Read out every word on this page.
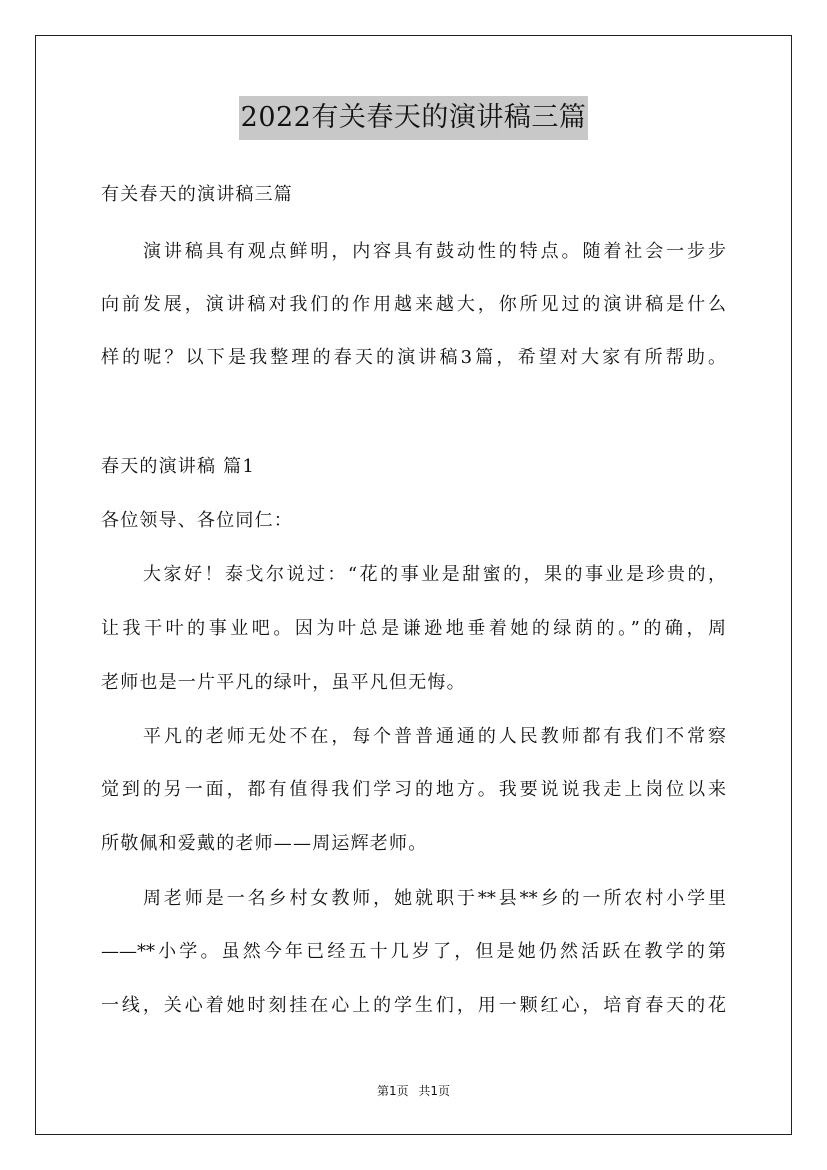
2022有关春天的演讲稿三篇
有关春天的演讲稿三篇
演讲稿具有观点鲜明，内容具有鼓动性的特点。随着社会一步步
向前发展，演讲稿对我们的作用越来越大，你所见过的演讲稿是什么
样的呢？以下是我整理的春天的演讲稿3篇，希望对大家有所帮助。
春天的演讲稿 篇1
各位领导、各位同仁：
大家好！泰戈尔说过：“花的事业是甜蜜的，果的事业是珍贵的，
让我干叶的事业吧。因为叶总是谦逊地垂着她的绿荫的。”的确，周
老师也是一片平凡的绿叶，虽平凡但无悔。
平凡的老师无处不在，每个普普通通的人民教师都有我们不常察
觉到的另一面，都有值得我们学习的地方。我要说说我走上岗位以来
所敬佩和爱戴的老师——周运辉老师。
周老师是一名乡村女教师，她就职于**县**乡的一所农村小学里
——**小学。虽然今年已经五十几岁了，但是她仍然活跃在教学的第
一线，关心着她时刻挂在心上的学生们，用一颗红心，培育春天的花
第1页 共1页
